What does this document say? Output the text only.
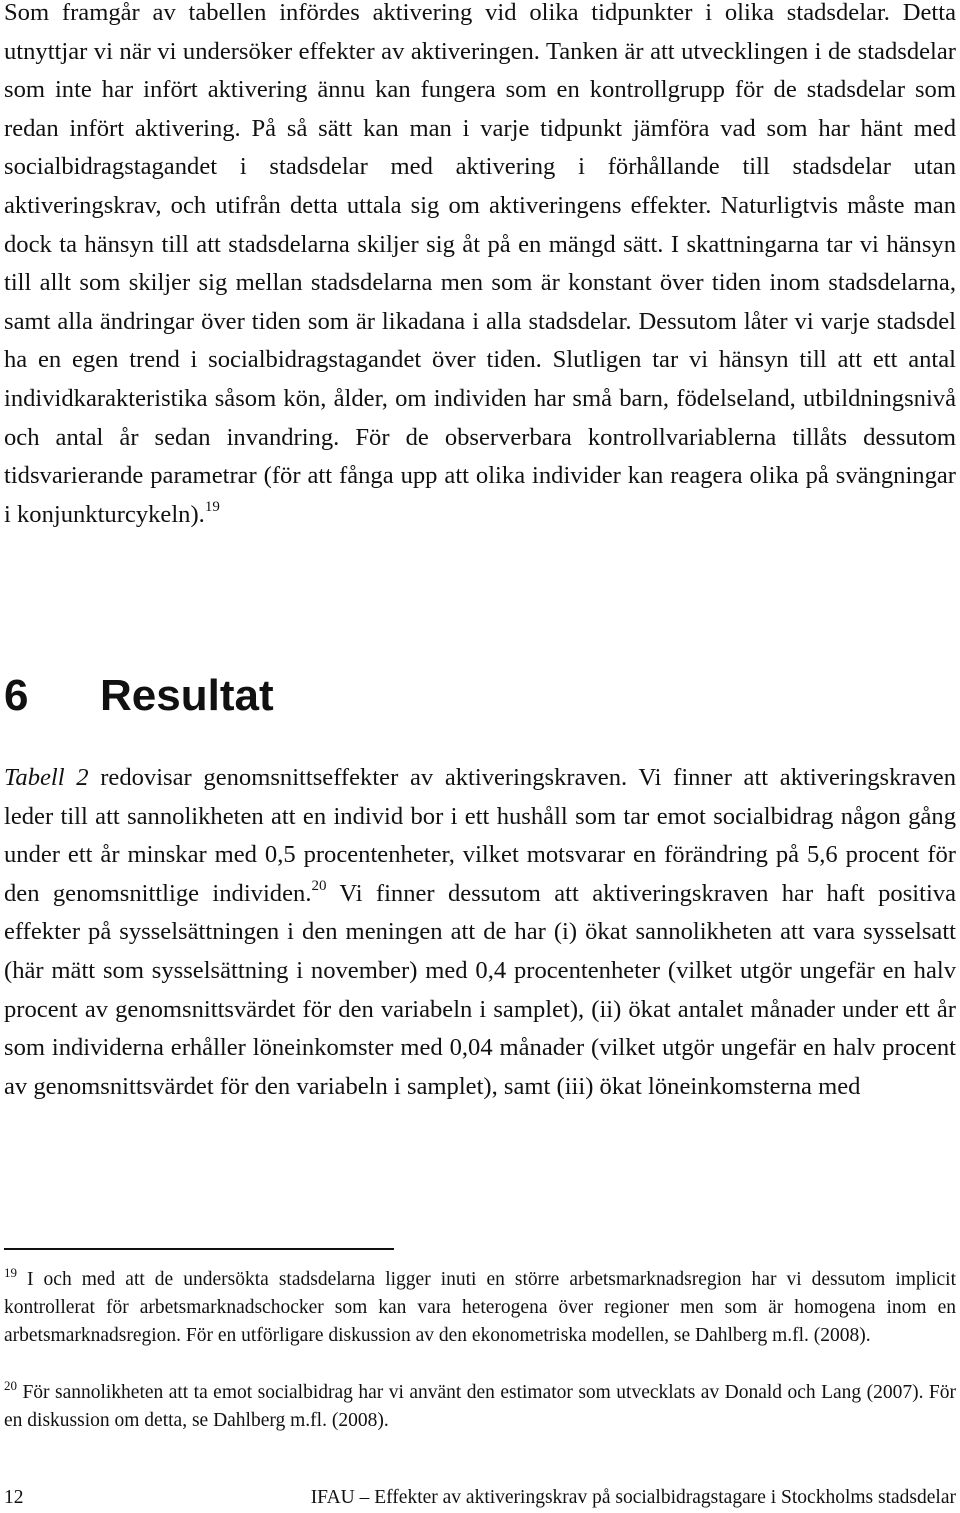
Som framgår av tabellen infördes aktivering vid olika tidpunkter i olika stadsdelar. Detta utnyttjar vi när vi undersöker effekter av aktiveringen. Tanken är att utvecklingen i de stadsdelar som inte har infört aktivering ännu kan fungera som en kontrollgrupp för de stadsdelar som redan infört aktivering. På så sätt kan man i varje tidpunkt jämföra vad som har hänt med socialbidragstagandet i stadsdelar med aktivering i förhållande till stadsdelar utan aktiveringskrav, och utifrån detta uttala sig om aktiveringens effekter. Naturligtvis måste man dock ta hänsyn till att stadsdelarna skiljer sig åt på en mängd sätt. I skattningarna tar vi hänsyn till allt som skiljer sig mellan stadsdelarna men som är konstant över tiden inom stadsdelarna, samt alla ändringar över tiden som är likadana i alla stadsdelar. Dessutom låter vi varje stadsdel ha en egen trend i socialbidragstagandet över tiden. Slutligen tar vi hänsyn till att ett antal individkarakteristika såsom kön, ålder, om individen har små barn, födelseland, utbildningsnivå och antal år sedan invandring. För de observerbara kontrollvariablerna tillåts dessutom tidsvarierande parametrar (för att fånga upp att olika individer kan reagera olika på svängningar i konjunkturcykeln).$^{19}$

6 Resultat

Tabell 2 redovisar genomsnittseffekter av aktiveringskraven. Vi finner att aktiveringskraven leder till att sannolikheten att en individ bor i ett hushåll som tar emot socialbidrag någon gång under ett år minskar med 0,5 procentenheter, vilket motsvarar en förändring på 5,6 procent för den genomsnittlige individen.$^{20}$ Vi finner dessutom att aktiveringskraven har haft positiva effekter på sysselsättningen i den meningen att de har (i) ökat sannolikheten att vara sysselsatt (här mätt som sysselsättning i november) med 0,4 procentenheter (vilket utgör ungefär en halv procent av genomsnittsvärdet för den variabeln i samplet), (ii) ökat antalet månader under ett år som individerna erhåller löneinkomster med 0,04 månader (vilket utgör ungefär en halv procent av genomsnittsvärdet för den variabeln i samplet), samt (iii) ökat löneinkomsterna med

$^{19}$ I och med att de undersökta stadsdelarna ligger inuti en större arbetsmarknadsregion har vi dessutom implicit kontrollerat för arbetsmarknadschocker som kan vara heterogena över regioner men som är homogena inom en arbetsmarknadsregion. För en utförligare diskussion av den ekonometriska modellen, se Dahlberg m.fl. (2008).

$^{20}$ För sannolikheten att ta emot socialbidrag har vi använt den estimator som utvecklats av Donald och Lang (2007). För en diskussion om detta, se Dahlberg m.fl. (2008).

12	IFAU – Effekter av aktiveringskrav på socialbidragstagare i Stockholms stadsdelar
